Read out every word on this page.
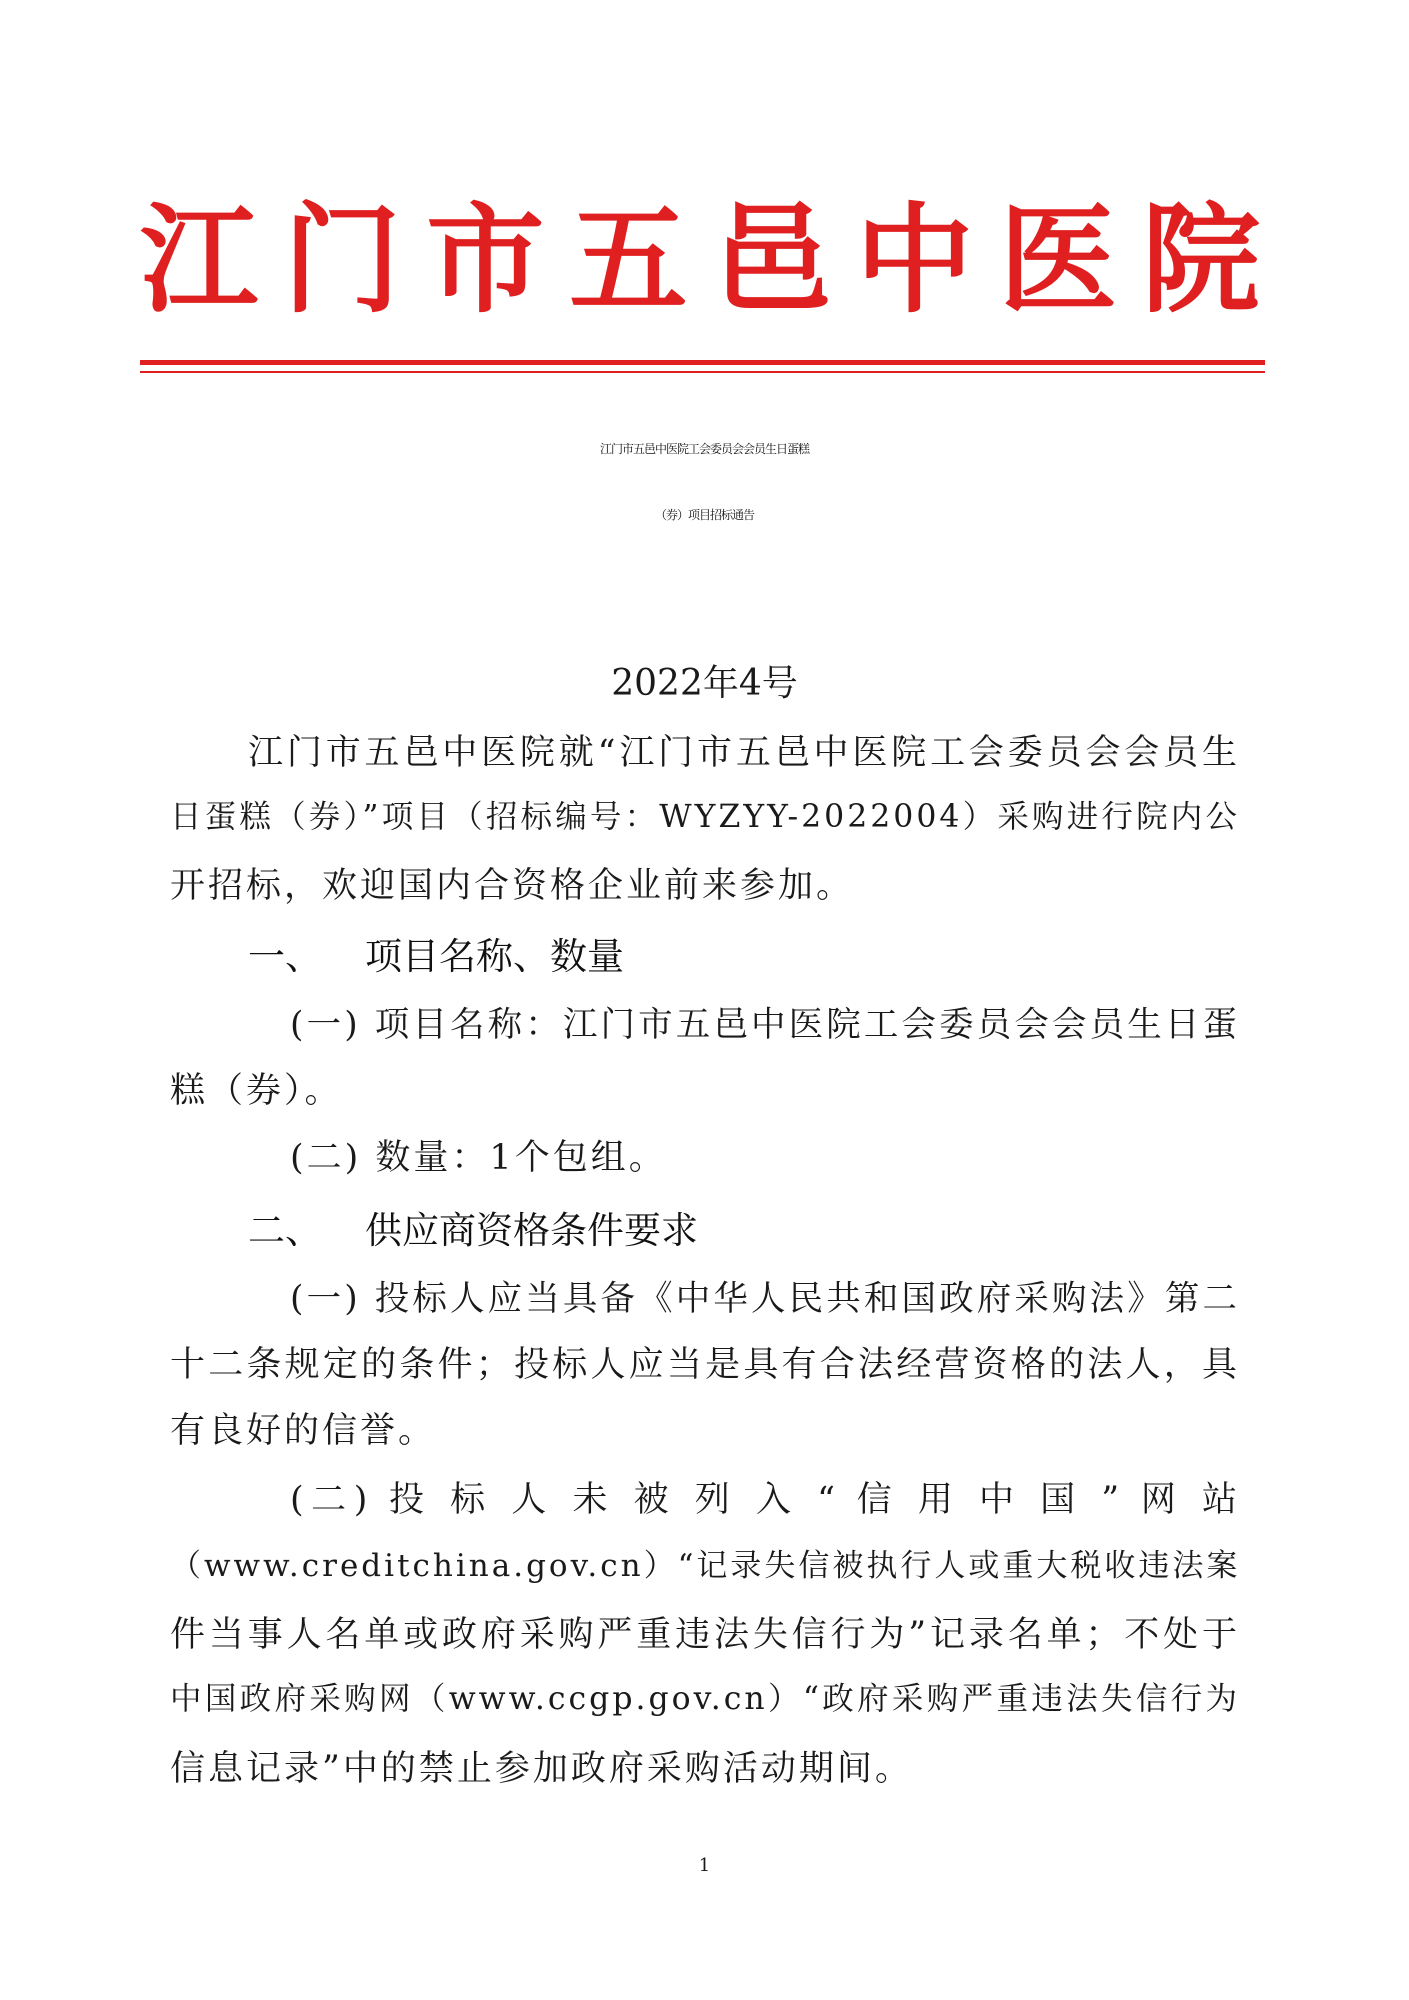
江 门 市 五 邑 中 医 院
江门市五邑中医院工会委员会会员生日蛋糕
（券）项目招标通告
2022年4号
江门市五邑中医院就“江门市五邑中医院工会委员会会员生
日蛋糕（券）”项目（招标编号：WYZYY-2022004）采购进行院内公
开招标，欢迎国内合资格企业前来参加。
一、 项目名称、数量
(一) 项目名称：江门市五邑中医院工会委员会会员生日蛋
糕（券）。
(二) 数量：1个包组。
二、 供应商资格条件要求
(一) 投标人应当具备《中华人民共和国政府采购法》第二
十二条规定的条件；投标人应当是具有合法经营资格的法人，具
有良好的信誉。
(二) 投 标 人 未 被 列 入 “ 信 用 中 国 ” 网 站
（www.creditchina.gov.cn）“记录失信被执行人或重大税收违法案
件当事人名单或政府采购严重违法失信行为”记录名单；不处于
中国政府采购网（www.ccgp.gov.cn）“政府采购严重违法失信行为
信息记录”中的禁止参加政府采购活动期间。
1
